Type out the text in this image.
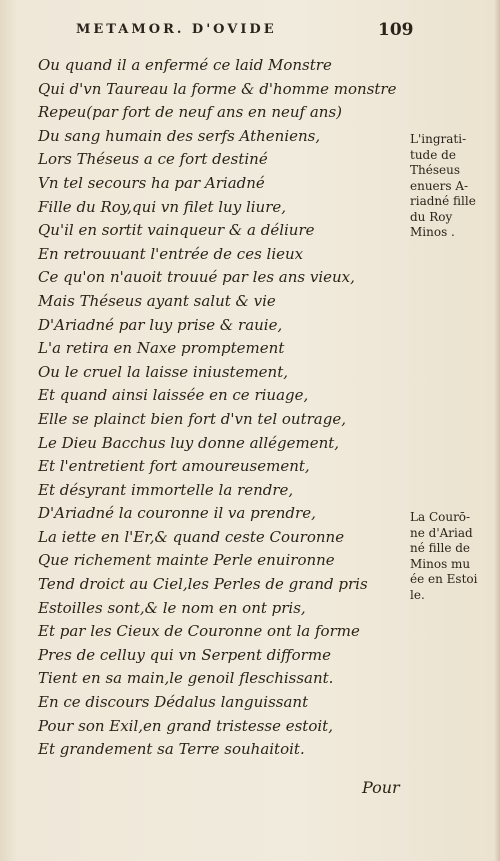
METAMOR. D'OVIDE	109
Ou quand il a enfermé ce laid Monstre
Qui d'vn Taureau la forme & d'homme monstre
Repeu(par fort de neuf ans en neuf ans)
Du sang humain des serfs Atheniens,
Lors Théseus a ce fort destiné
Vn tel secours ha par Ariadné
Fille du Roy,qui vn filet luy liure,
Qu'il en sortit vainqueur & a déliure
En retrouuant l'entrée de ces lieux
Ce qu'on n'auoit trouué par les ans vieux,
Mais Théseus ayant salut & vie
D'Ariadné par luy prise & rauie,
L'a retira en Naxe promptement
Ou le cruel la laisse iniustement,
Et quand ainsi laissée en ce riuage,
Elle se plainct bien fort d'vn tel outrage,
Le Dieu Bacchus luy donne allégement,
Et l'entretient fort amoureusement,
Et désyrant immortelle la rendre,
D'Ariadné la couronne il va prendre,
La iette en l'Er,& quand ceste Couronne
Que richement mainte Perle enuironne
Tend droict au Ciel,les Perles de grand pris
Estoilles sont,& le nom en ont pris,
Et par les Cieux de Couronne ont la forme
Pres de celluy qui vn Serpent difforme
Tient en sa main,le genoil fleschissant.
En ce discours Dédalus languissant
Pour son Exil,en grand tristesse estoit,
Et grandement sa Terre souhaitoit.
L'ingrati-
tude de
Théseus
enuers A-
riadné fille
du Roy
Minos .
La Courō-
ne d'Ariad
né fille de
Minos mu
ée en Estoi
le.
Pour
